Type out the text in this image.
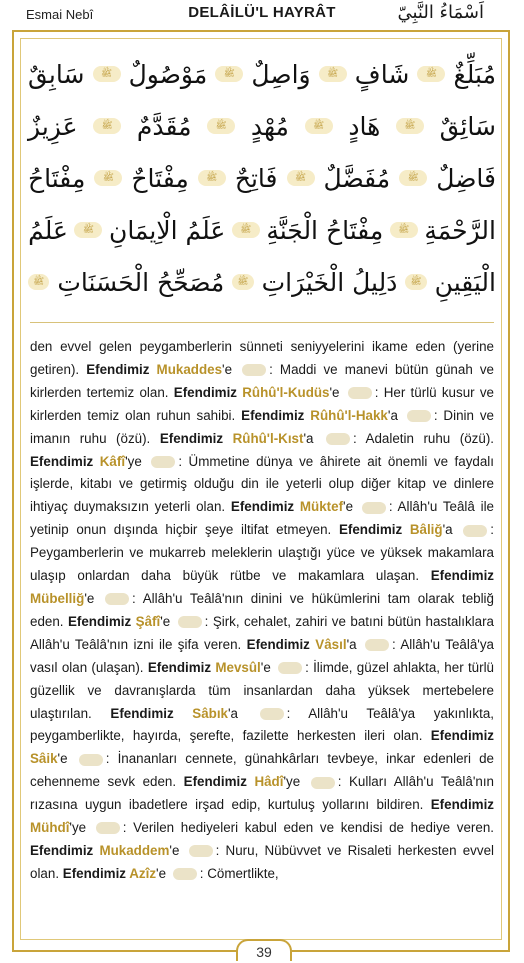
Esmai Nebî	DELÂİLÜ'L HAYRÂT	اَسْمَاءُ النَّبِيّ
مُبَلِّغٌ
ﷺ
شَافٍ
ﷺ
وَاصِلٌ
ﷺ
مَوْصُولٌ
ﷺ
سَابِقٌ
سَائِقٌ
ﷺ
هَادٍ
ﷺ
مُهْدٍ
ﷺ
مُقَدَّمٌ
ﷺ
عَزِيزٌ
فَاضِلٌ
ﷺ
مُفَضَّلٌ
ﷺ
فَاتِحٌ
ﷺ
مِفْتَاحٌ
ﷺ
مِفْتَاحُ
الرَّحْمَةِ
ﷺ
مِفْتَاحُ الْجَنَّةِ
ﷺ
عَلَمُ الْاِيمَانِ
ﷺ
عَلَمُ
الْيَقِينِ
ﷺ
دَلِيلُ الْخَيْرَاتِ
ﷺ
مُصَحِّحُ الْحَسَنَاتِ
ﷺ
den evvel gelen peygamberlerin sünneti seniyyelerini ikame eden (yerine getiren). Efendimiz Mukaddes'e : Maddi ve manevi bütün günah ve kirlerden tertemiz olan. Efendimiz Rûhû'l-Kudüs'e : Her türlü kusur ve kirlerden temiz olan ruhun sahibi. Efendimiz Rûhû'l-Hakk'a : Dinin ve imanın ruhu (özü). Efendimiz Rûhû'l-Kıst'a : Adaletin ruhu (özü). Efendimiz Kâfî'ye : Ümmetine dünya ve âhirete ait önemli ve faydalı işlerde, kitabı ve getirmiş olduğu din ile yeterli olup diğer kitap ve dinlere ihtiyaç duymaksızın yeterli olan. Efendimiz Müktef'e : Allâh'u Teâlâ ile yetinip onun dışında hiçbir şeye iltifat etmeyen. Efendimiz Bâliğ'a : Peygamberlerin ve mukarreb meleklerin ulaştığı yüce ve yüksek makamlara ulaşıp onlardan daha büyük rütbe ve makamlara ulaşan. Efendimiz Mübelliğ'e : Allâh'u Teâlâ'nın dinini ve hükümlerini tam olarak tebliğ eden. Efendimiz Şâfî'e : Şirk, cehalet, zahiri ve batıni bütün hastalıklara Allâh'u Teâlâ'nın izni ile şifa veren. Efendimiz Vâsıl'a : Allâh'u Teâlâ'ya vasıl olan (ulaşan). Efendimiz Mevsûl'e : İlimde, güzel ahlakta, her türlü güzellik ve davranışlarda tüm insanlardan daha yüksek mertebelere ulaştırılan. Efendimiz Sâbık'a : Allâh'u Teâlâ'ya yakınlıkta, peygamberlikte, hayırda, şerefte, fazilette herkesten ileri olan. Efendimiz Sâik'e : İnananları cennete, günahkârları tevbeye, inkar edenleri de cehenneme sevk eden. Efendimiz Hâdî'ye : Kulları Allâh'u Teâlâ'nın rızasına uygun ibadetlere irşad edip, kurtuluş yollarını bildiren. Efendimiz Mühdî'ye : Verilen hediyeleri kabul eden ve kendisi de hediye veren. Efendimiz Mukaddem'e : Nuru, Nübüvvet ve Risaleti herkesten evvel olan. Efendimiz Azîz'e : Cömertlikte,
39
